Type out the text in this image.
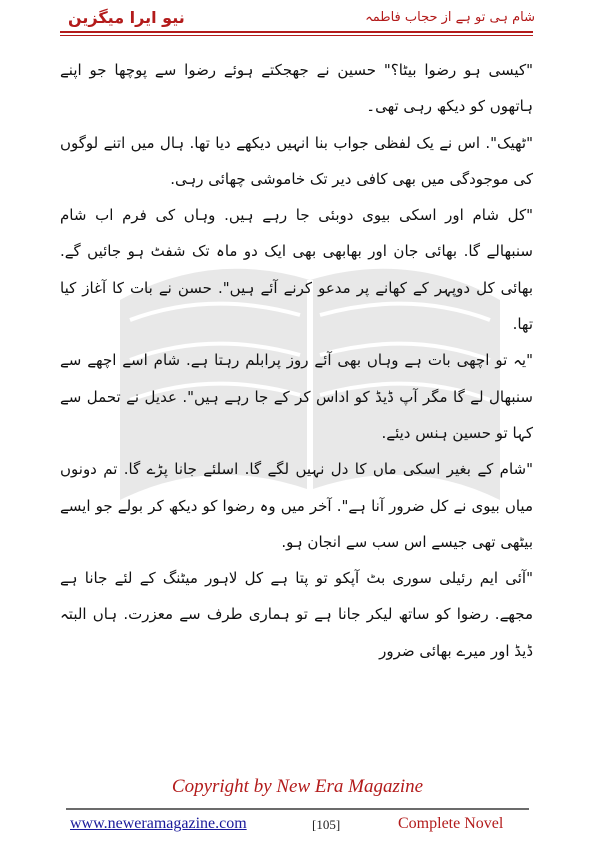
نیو ایرا میگزین	شام ہی تو ہے از حجاب فاطمہ

"کیسی ہو رضوا بیٹا؟" حسین نے جھجکتے ہوئے رضوا سے پوچھا جو اپنے ہاتھوں کو دیکھ رہی تھی۔

"ٹھیک". اس نے یک لفظی جواب بنا انہیں دیکھے دیا تھا. ہال میں اتنے لوگوں کی موجودگی میں بھی کافی دیر تک خاموشی چھائی رہی.

"کل شام اور اسکی بیوی دوبئی جا رہے ہیں. وہاں کی فرم اب شام سنبھالے گا. بھائی جان اور بھابھی بھی ایک دو ماہ تک شفٹ ہو جائیں گے. بھائی کل دوپہر کے کھانے پر مدعو کرنے آئے ہیں". حسن نے بات کا آغاز کیا تھا.

"یہ تو اچھی بات ہے وہاں بھی آئے روز پرابلم رہتا ہے. شام اسے اچھے سے سنبھال لے گا مگر آپ ڈیڈ کو اداس کر کے جا رہے ہیں". عدیل نے تحمل سے کہا تو حسین ہنس دیئے.

"شام کے بغیر اسکی ماں کا دل نہیں لگے گا. اسلئے جانا پڑے گا. تم دونوں میاں بیوی نے کل ضرور آنا ہے". آخر میں وہ رضوا کو دیکھ کر بولے جو ایسے بیٹھی تھی جیسے اس سب سے انجان ہو.

"آئی ایم رئیلی سوری بٹ آپکو تو پتا ہے کل لاہور میٹنگ کے لئے جانا ہے مجھے. رضوا کو ساتھ لیکر جانا ہے تو ہماری طرف سے معزرت. ہاں البتہ ڈیڈ اور میرے بھائی ضرور

Copyright by New Era Magazine
www.neweramagazine.com	[105]	Complete Novel
